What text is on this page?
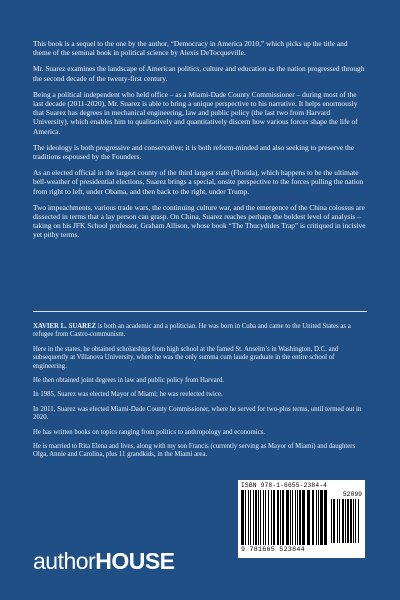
This book is a sequel to the one by the author, “Democracy in America 2010,” which picks up the title and theme of the seminal book in political science by Alexis DeTocqueville.

Mr. Suarez examines the landscape of American politics, culture and education as the nation progressed through the second decade of the twenty-first century.

Being a political independent who held office – as a Miami-Dade County Commissioner – during most of the last decade (2011-2020), Mr. Suarez is able to bring a unique perspective to his narrative. It helps enormously that Suarez has degrees in mechanical engineering, law and public policy (the last two from Harvard University), which enables him to qualitatively and quantitatively discern how various forces shape the life of America.

The ideology is both progressive and conservative; it is both reform-minded and also seeking to preserve the traditions espoused by the Founders.

As an elected official in the largest county of the third largest state (Florida), which happens to be the ultimate bell-weather of presidential elections, Suarez brings a special, onsite perspective to the forces pulling the nation from right to left, under Obama, and then back to the right, under Trump.

Two impeachments, various trade wars, the continuing culture war, and the emergence of the China colossus are dissected in terms that a lay person can grasp. On China, Suarez reaches perhaps the boldest level of analysis – taking on his JFK School professor, Graham Allison, whose book “The Thucydides Trap” is critiqued in incisive yet pithy terms.

XAVIER L. SUAREZ is both an academic and a politician. He was born in Cuba and came to the United States as a refugee from Castro-communism.

Here in the states, he obtained scholarships from high school at the famed St. Anselm’s in Washington, D.C. and subsequently at Villanova University, where he was the only summa cum laude graduate in the entire school of engineering.

He then obtained joint degrees in law and public policy from Harvard.

In 1985, Suarez was elected Mayor of Miami; he was reelected twice.

In 2011, Suarez was elected Miami-Dade County Commissioner, where he served for two-plus terms, until termed out in 2020.

He has written books on topics ranging from politics to anthropology and economics.

He is married to Rita Elena and lives, along with my son Francis (currently serving as Mayor of Miami) and daughters Olga, Annie and Carolina, plus 11 grandkids, in the Miami area.

ISBN 978-1-6655-2384-4
52099
9 781665 523844
authorHOUSE
